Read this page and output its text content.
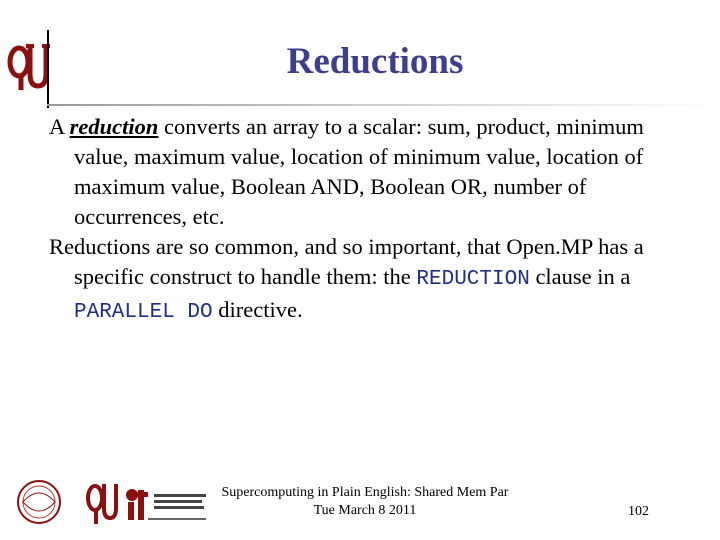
Reductions

A reduction converts an array to a scalar: sum, product, minimum value, maximum value, location of minimum value, location of maximum value, Boolean AND, Boolean OR, number of occurrences, etc.

Reductions are so common, and so important, that Open.MP has a specific construct to handle them: the REDUCTION clause in a PARALLEL DO directive.

Supercomputing in Plain English: Shared Mem Par
Tue March 8 2011	102
